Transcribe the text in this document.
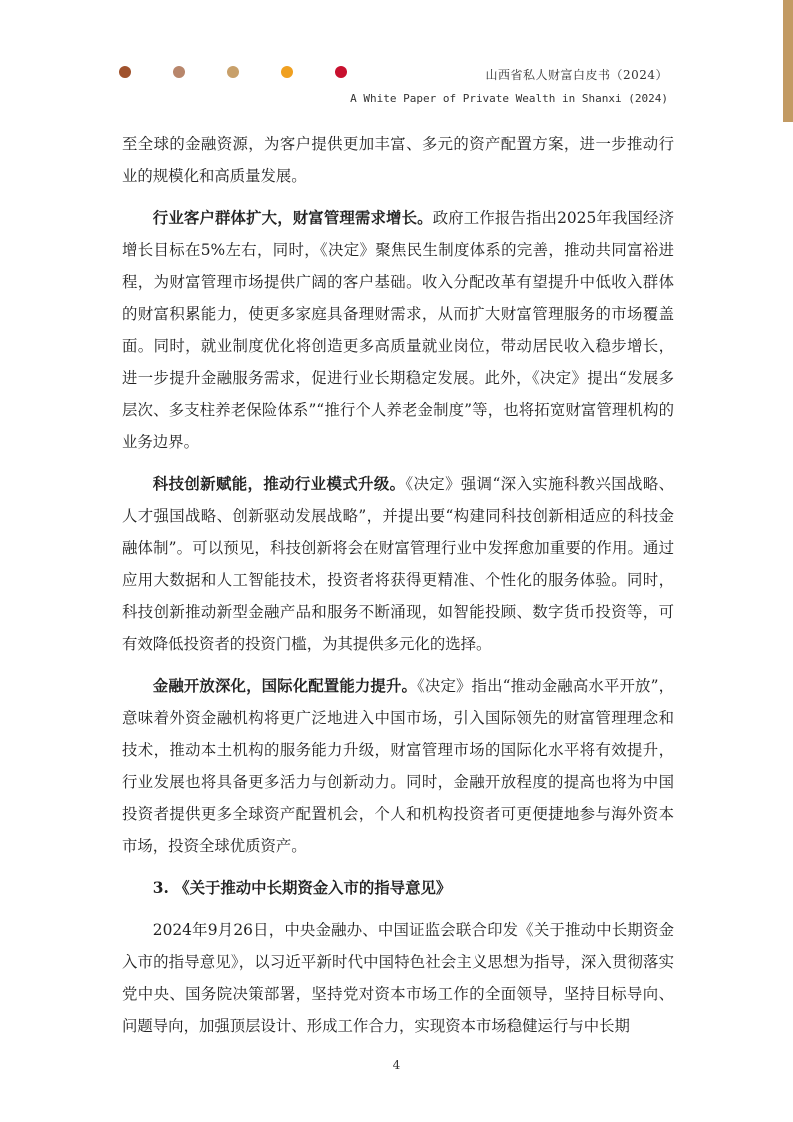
山西省私人财富白皮书（2024）
A White Paper of Private Wealth in Shanxi (2024)

至全球的金融资源，为客户提供更加丰富、多元的资产配置方案，进一步推动行业的规模化和高质量发展。

行业客户群体扩大，财富管理需求增长。政府工作报告指出2025年我国经济增长目标在5%左右，同时，《决定》聚焦民生制度体系的完善，推动共同富裕进程，为财富管理市场提供广阔的客户基础。收入分配改革有望提升中低收入群体的财富积累能力，使更多家庭具备理财需求，从而扩大财富管理服务的市场覆盖面。同时，就业制度优化将创造更多高质量就业岗位，带动居民收入稳步增长，进一步提升金融服务需求，促进行业长期稳定发展。此外，《决定》提出“发展多层次、多支柱养老保险体系”“推行个人养老金制度”等，也将拓宽财富管理机构的业务边界。

科技创新赋能，推动行业模式升级。《决定》强调“深入实施科教兴国战略、人才强国战略、创新驱动发展战略”，并提出要“构建同科技创新相适应的科技金融体制”。可以预见，科技创新将会在财富管理行业中发挥愈加重要的作用。通过应用大数据和人工智能技术，投资者将获得更精准、个性化的服务体验。同时，科技创新推动新型金融产品和服务不断涌现，如智能投顾、数字货币投资等，可有效降低投资者的投资门槛，为其提供多元化的选择。

金融开放深化，国际化配置能力提升。《决定》指出“推动金融高水平开放”，意味着外资金融机构将更广泛地进入中国市场，引入国际领先的财富管理理念和技术，推动本土机构的服务能力升级，财富管理市场的国际化水平将有效提升，行业发展也将具备更多活力与创新动力。同时，金融开放程度的提高也将为中国投资者提供更多全球资产配置机会，个人和机构投资者可更便捷地参与海外资本市场，投资全球优质资产。

3. 《关于推动中长期资金入市的指导意见》

2024年9月26日，中央金融办、中国证监会联合印发《关于推动中长期资金入市的指导意见》，以习近平新时代中国特色社会主义思想为指导，深入贯彻落实党中央、国务院决策部署，坚持党对资本市场工作的全面领导，坚持目标导向、问题导向，加强顶层设计、形成工作合力，实现资本市场稳健运行与中长期

4
